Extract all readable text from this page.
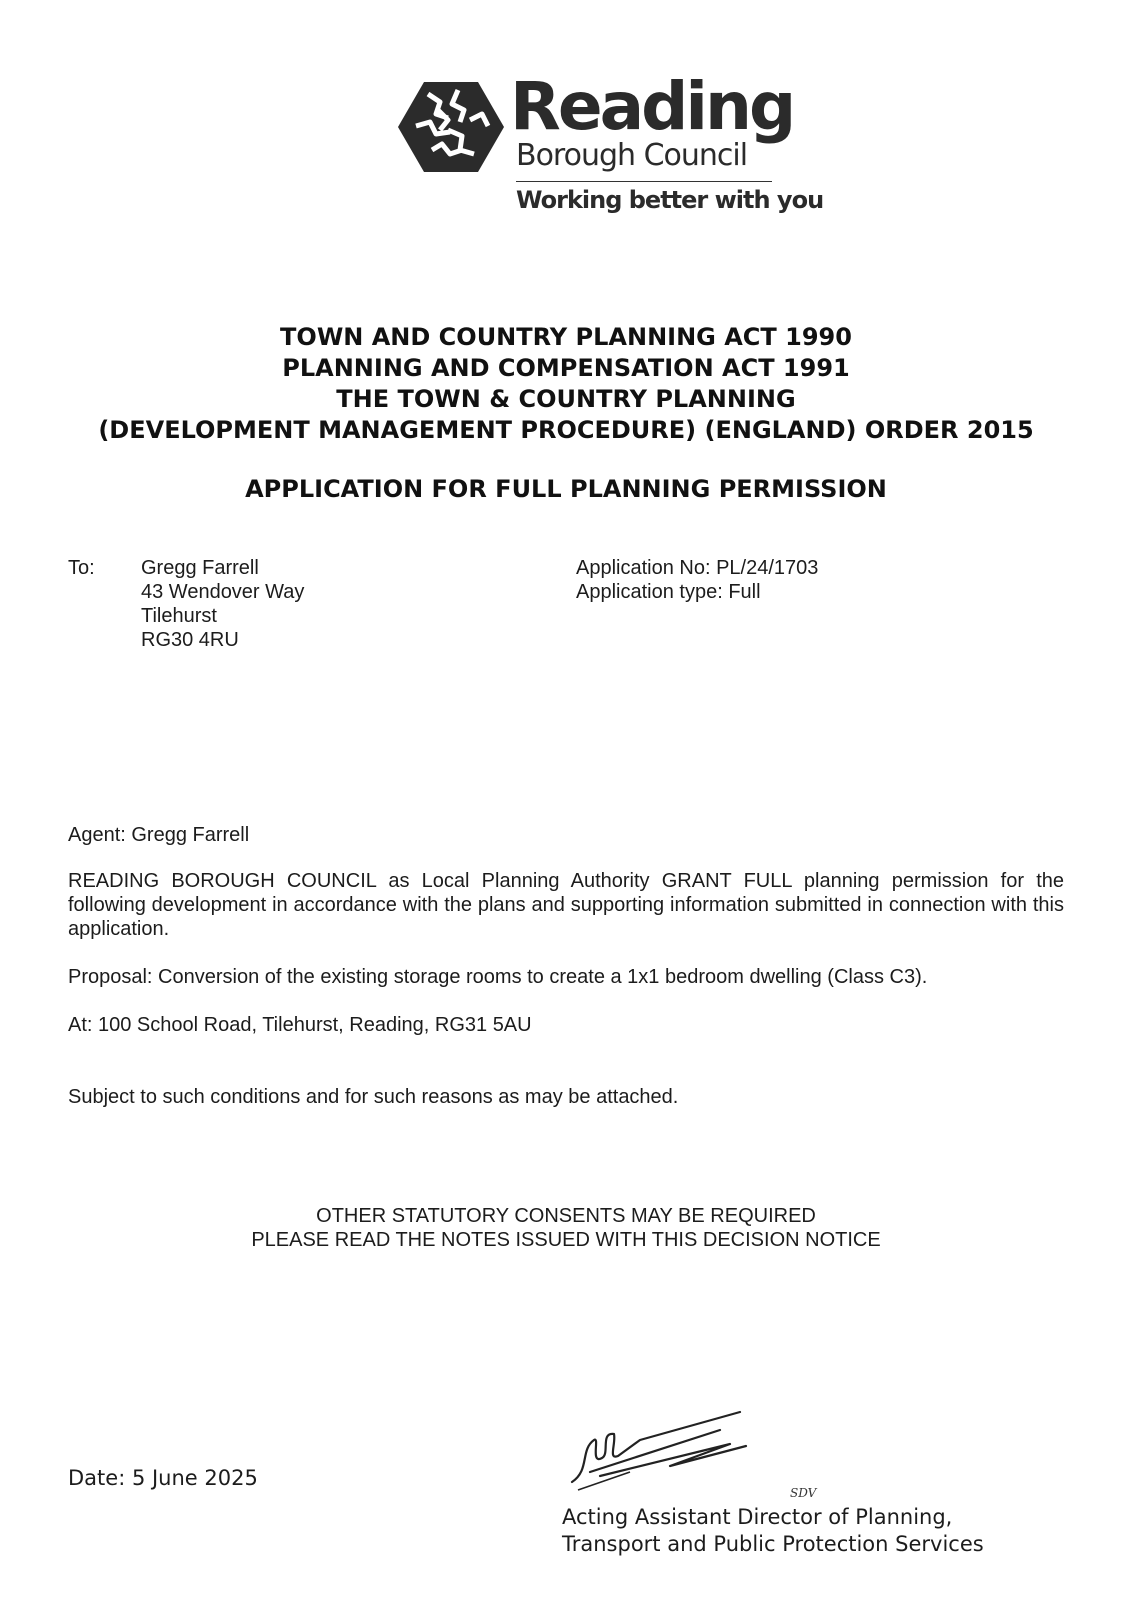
Reading
Borough Council
Working better with you
TOWN AND COUNTRY PLANNING ACT 1990
PLANNING AND COMPENSATION ACT 1991
THE TOWN & COUNTRY PLANNING
(DEVELOPMENT MANAGEMENT PROCEDURE) (ENGLAND) ORDER 2015
APPLICATION FOR FULL PLANNING PERMISSION
To: Gregg Farrell
43 Wendover Way
Tilehurst
RG30 4RU
Application No: PL/24/1703
Application type: Full
Agent: Gregg Farrell
READING BOROUGH COUNCIL as Local Planning Authority GRANT FULL planning permission for the following development in accordance with the plans and supporting information submitted in connection with this application.
Proposal: Conversion of the existing storage rooms to create a 1x1 bedroom dwelling (Class C3).
At: 100 School Road, Tilehurst, Reading, RG31 5AU
Subject to such conditions and for such reasons as may be attached.
OTHER STATUTORY CONSENTS MAY BE REQUIRED
PLEASE READ THE NOTES ISSUED WITH THIS DECISION NOTICE
Date: 5 June 2025
SDV
Acting Assistant Director of Planning,
Transport and Public Protection Services
